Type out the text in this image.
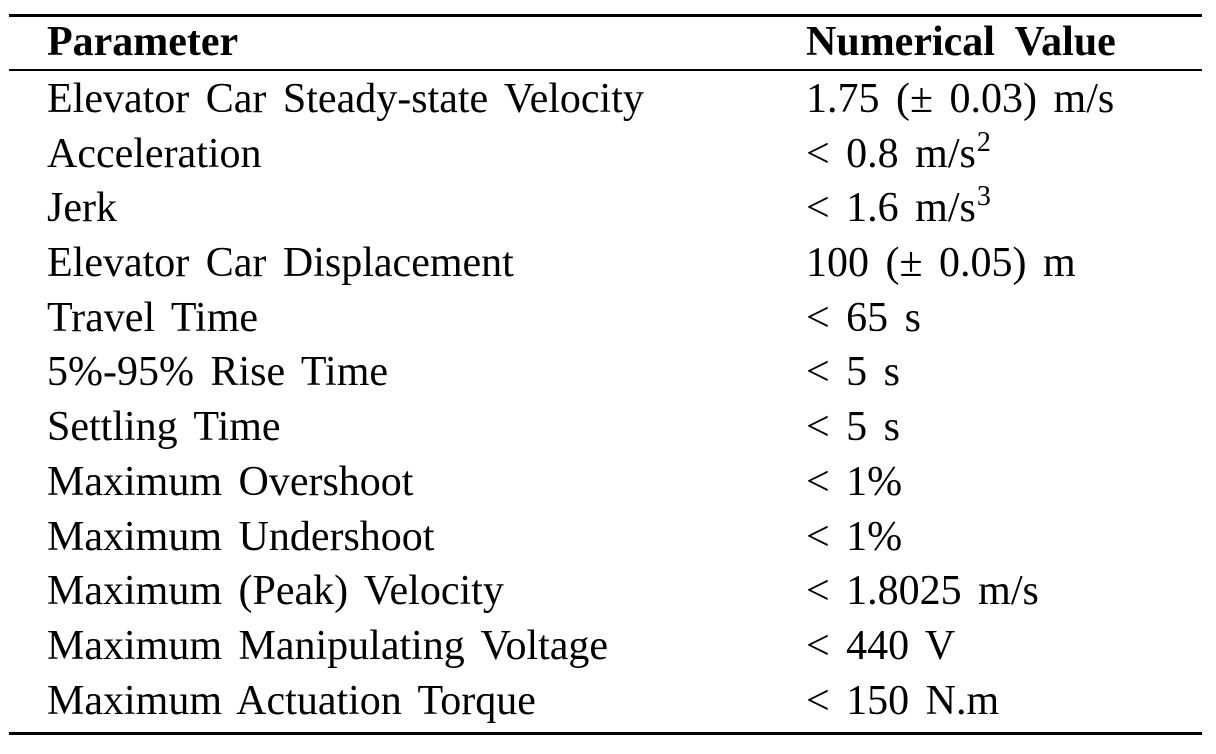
Parameter	Numerical Value
Elevator Car Steady-state Velocity	1.75 (± 0.03) m/s
Acceleration	< 0.8 $m/s^2$
Jerk	< 1.6 $m/s^3$
Elevator Car Displacement	100 (± 0.05) m
Travel Time	< 65 s
5%-95% Rise Time	< 5 s
Settling Time	< 5 s
Maximum Overshoot	< 1%
Maximum Undershoot	< 1%
Maximum (Peak) Velocity	< 1.8025 m/s
Maximum Manipulating Voltage	< 440 V
Maximum Actuation Torque	< 150 N.m
